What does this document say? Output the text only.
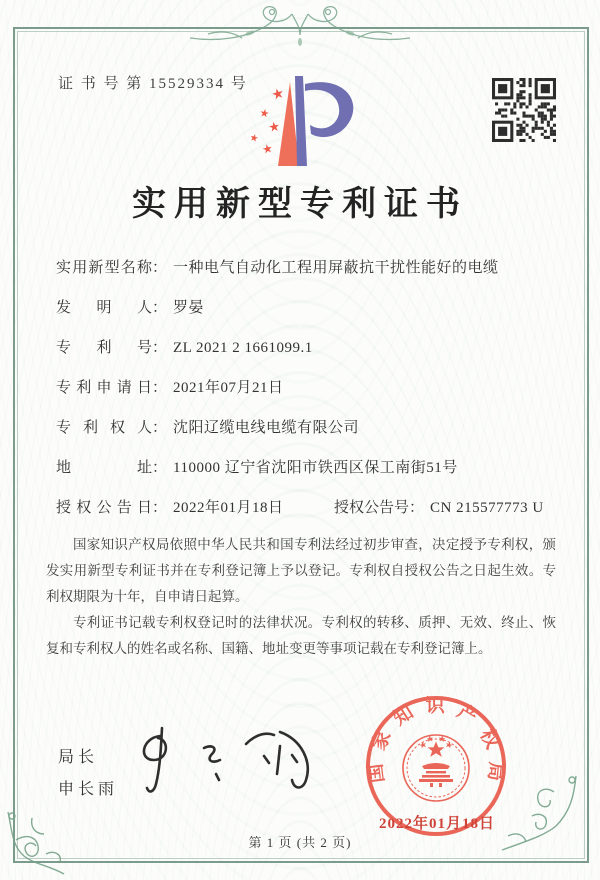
证 书 号 第 15529334 号
★
★
★
★
★
实用新型专利证书
实用新型名称 ： 一种电气自动化工程用屏蔽抗干扰性能好的电缆
发明人 ： 罗晏
专利号 ： ZL 2021 2 1661099.1
专利申请日 ： 2021年07月21日
专利权人 ： 沈阳辽缆电线电缆有限公司
地址 ： 110000 辽宁省沈阳市铁西区保工南街51号
授权公告日 ： 2022年01月18日	授权公告号 ： CN 215577773 U

国家知识产权局依照中华人民共和国专利法经过初步审查，决定授予专利权，颁发实用新型专利证书并在专利登记簿上予以登记。专利权自授权公告之日起生效。专利权期限为十年，自申请日起算。

专利证书记载专利权登记时的法律状况。专利权的转移、质押、无效、终止、恢复和专利权人的姓名或名称、国籍、地址变更等事项记载在专利登记簿上。

局长
申长雨
国家知识产权局
2022年01月18日
第 1 页 (共 2 页)
